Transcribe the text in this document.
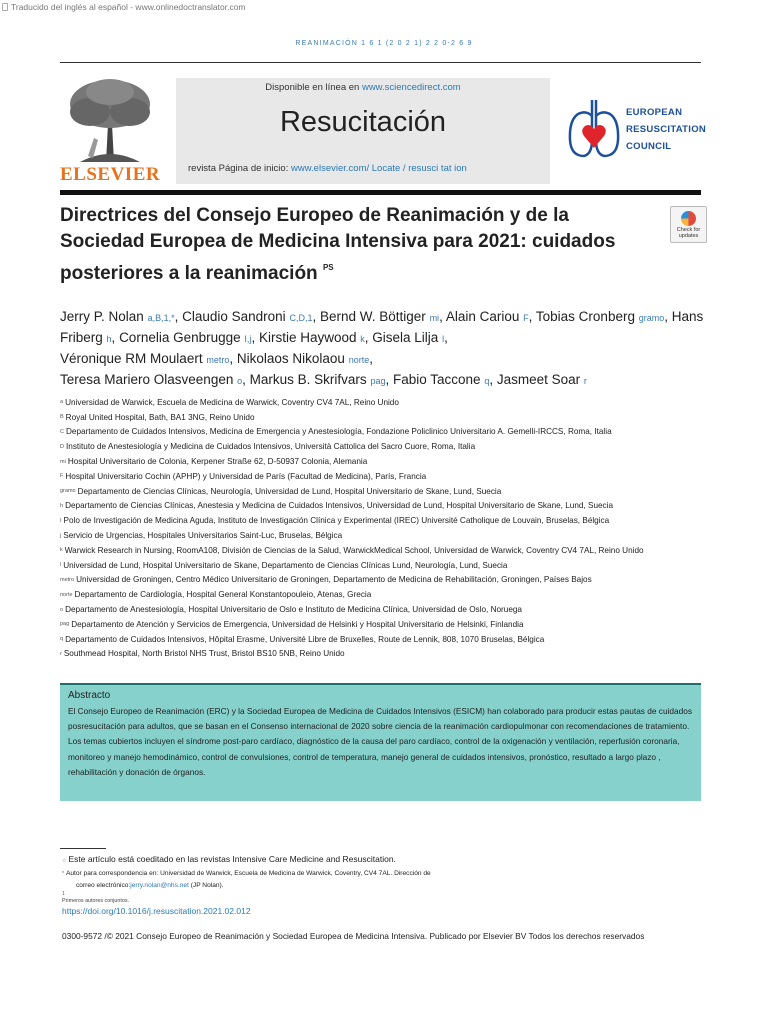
Traducido del inglés al español - www.onlinedoctranslator.com
REANIMACIÓN 1 6 1 (2 0 2 1) 2 2 0-2 6 9
ELSEVIER
Disponible en línea en www.sciencedirect.com
Resucitación
revista Página de inicio: www.elsevier.com/ Locate / resusci tat ion
EUROPEAN
RESUSCITATION
COUNCIL
Directrices del Consejo Europeo de Reanimación y de la Sociedad Europea de Medicina Intensiva para 2021: cuidados posteriores a la reanimación $^{PS}$
Check for
updates
Jerry P. Nolan a,B,1,*, Claudio Sandroni C,D,1, Bernd W. Böttiger mi, Alain Cariou F, Tobias Cronberg gramo, Hans Friberg h, Cornelia Genbrugge I,j, Kirstie Haywood k, Gisela Lilja l,
Véronique RM Moulaert metro, Nikolaos Nikolaou norte,
Teresa Mariero Olasveengen o, Markus B. Skrifvars pag, Fabio Taccone q, Jasmeet Soar r
a Universidad de Warwick, Escuela de Medicina de Warwick, Coventry CV4 7AL, Reino Unido
B Royal United Hospital, Bath, BA1 3NG, Reino Unido
C Departamento de Cuidados Intensivos, Medicina de Emergencia y Anestesiología, Fondazione Policlinico Universitario A. Gemelli-IRCCS, Roma, Italia
D Instituto de Anestesiología y Medicina de Cuidados Intensivos, Università Cattolica del Sacro Cuore, Roma, Italia
mi Hospital Universitario de Colonia, Kerpener Straße 62, D-50937 Colonia, Alemania
F Hospital Universitario Cochin (APHP) y Universidad de París (Facultad de Medicina), París, Francia
gramo Departamento de Ciencias Clínicas, Neurología, Universidad de Lund, Hospital Universitario de Skane, Lund, Suecia
h Departamento de Ciencias Clínicas, Anestesia y Medicina de Cuidados Intensivos, Universidad de Lund, Hospital Universitario de Skane, Lund, Suecia
I Polo de Investigación de Medicina Aguda, Instituto de Investigación Clínica y Experimental (IREC) Université Catholique de Louvain, Bruselas, Bélgica
j Servicio de Urgencias, Hospitales Universitarios Saint-Luc, Bruselas, Bélgica
k Warwick Research in Nursing, RoomA108, División de Ciencias de la Salud, WarwickMedical School, Universidad de Warwick, Coventry CV4 7AL, Reino Unido
l Universidad de Lund, Hospital Universitario de Skane, Departamento de Ciencias Clínicas Lund, Neurología, Lund, Suecia
metro Universidad de Groningen, Centro Médico Universitario de Groningen, Departamento de Medicina de Rehabilitación, Groningen, Países Bajos
norte Departamento de Cardiología, Hospital General Konstantopouleio, Atenas, Grecia
o Departamento de Anestesiología, Hospital Universitario de Oslo e Instituto de Medicina Clínica, Universidad de Oslo, Noruega
pag Departamento de Atención y Servicios de Emergencia, Universidad de Helsinki y Hospital Universitario de Helsinki, Finlandia
q Departamento de Cuidados Intensivos, Hôpital Erasme, Université Libre de Bruxelles, Route de Lennik, 808, 1070 Bruselas, Bélgica
r Southmead Hospital, North Bristol NHS Trust, Bristol BS10 5NB, Reino Unido
Abstracto
El Consejo Europeo de Reanimación (ERC) y la Sociedad Europea de Medicina de Cuidados Intensivos (ESICM) han colaborado para producir estas pautas de cuidados posresucitación para adultos, que se basan en el Consenso internacional de 2020 sobre ciencia de la reanimación cardiopulmonar con recomendaciones de tratamiento. Los temas cubiertos incluyen el síndrome post-paro cardíaco, diagnóstico de la causa del paro cardíaco, control de la oxigenación y ventilación, reperfusión coronaria, monitoreo y manejo hemodinámico, control de convulsiones, control de temperatura, manejo general de cuidados intensivos, pronóstico, resultado a largo plazo , rehabilitación y donación de órganos.
☆ Este artículo está coeditado en las revistas Intensive Care Medicine and Resuscitation.
* Autor para correspondencia en: Universidad de Warwick, Escuela de Medicina de Warwick, Coventry, CV4 7AL. Dirección de
correo electrónico:jerry.nolan@nhs.net (JP Nolan).
1
Primeros autores conjuntos.
https://doi.org/10.1016/j.resuscitation.2021.02.012
0300-9572 /© 2021 Consejo Europeo de Reanimación y Sociedad Europea de Medicina Intensiva. Publicado por Elsevier BV Todos los derechos reservados
